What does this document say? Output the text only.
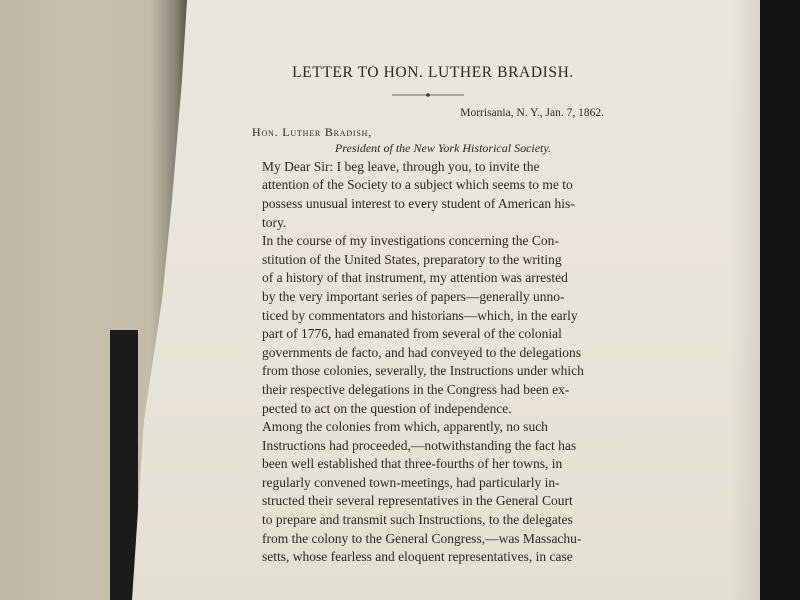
LETTER TO HON. LUTHER BRADISH.
Morrisania, N. Y., Jan. 7, 1862.
Hon. Luther Bradish,
President of the New York Historical Society.
My Dear Sir: I beg leave, through you, to invite the
attention of the Society to a subject which seems to me to
possess unusual interest to every student of American his-
tory.
In the course of my investigations concerning the Con-
stitution of the United States, preparatory to the writing
of a history of that instrument, my attention was arrested
by the very important series of papers—generally unno-
ticed by commentators and historians—which, in the early
part of 1776, had emanated from several of the colonial
governments de facto, and had conveyed to the delegations
from those colonies, severally, the Instructions under which
their respective delegations in the Congress had been ex-
pected to act on the question of independence.
Among the colonies from which, apparently, no such
Instructions had proceeded,—notwithstanding the fact has
been well established that three-fourths of her towns, in
regularly convened town-meetings, had particularly in-
structed their several representatives in the General Court
to prepare and transmit such Instructions, to the delegates
from the colony to the General Congress,—was Massachu-
setts, whose fearless and eloquent representatives, in case
